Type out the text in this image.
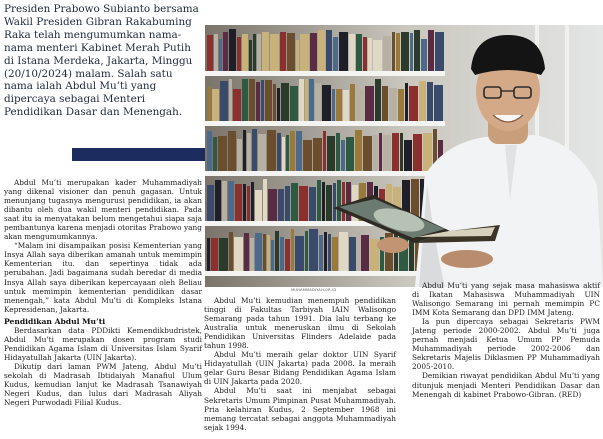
Presiden Prabowo Subianto bersama Wakil Presiden Gibran Rakabuming Raka telah mengumumkan nama-nama menteri Kabinet Merah Putih di Istana Merdeka, Jakarta, Minggu (20/10/2024) malam. Salah satu nama ialah Abdul Mu’ti yang dipercaya sebagai Menteri Pendidikan Dasar dan Menengah.

MUHAMMADIYAH.OR.ID

Abdul Mu’ti merupakan kader Muhammadiyah yang dikenal visioner dan penuh gagasan. Untuk menunjang tugasnya mengurusi pendidikan, ia akan dibantu oleh dua wakil menteri pendidikan. Pada saat itu ia menyatakan belum mengetahui siapa saja pembantunya karena menjadi otoritas Prabowo yang akan mengumumkannya.

“Malam ini disampaikan posisi Kementerian yang Insya Allah saya diberikan amanah untuk memimpin Kementerian itu. dan sepertinya tidak ada perubahan. Jadi bagaimana sudah beredar di media Insya Allah saya diberikan kepercayaan oleh Beliau untuk memimpin kementerian pendidikan dasar menengah,” kata Abdul Mu’ti di Kompleks Istana Kepresidenan, Jakarta.

Pendidikan Abdul Mu’ti

Berdasarkan data PDDikti Kemendikbudristek, Abdul Mu’ti merupakan dosen program studi Pendidikan Agama Islam di Universitas Islam Syarif Hidayatullah Jakarta (UIN Jakarta).

Dikutip dari laman PWM Jateng, Abdul Mu’ti sekolah di Madrasah Ibtidaiyah Manafiul Ulum Kudus, kemudian lanjut ke Madrasah Tsanawiyah Negeri Kudus, dan lulus dari Madrasah Aliyah Negeri Purwodadi Filial Kudus.

Abdul Mu’ti kemudian menempuh pendidikan tinggi di Fakultas Tarbiyah IAIN Walisongo Semarang pada tahun 1991. Dia lalu terbang ke Australia untuk meneruskan ilmu di Sekolah Pendidikan Universitas Flinders Adelaide pada tahun 1998.

Abdul Mu’ti meraih gelar doktor UIN Syarif Hidayatullah (UIN Jakarta) pada 2008. Ia meraih gelar Guru Besar Bidang Pendidikan Agama Islam di UIN Jakarta pada 2020.

Abdul Mu’ti saat ini menjabat sebagai Sekretaris Umum Pimpinan Pusat Muhammadiyah. Pria kelahiran Kudus, 2 September 1968 ini memang tercatat sebagai anggota Muhammadiyah sejak 1994.

Abdul Mu’ti yang sejak masa mahasiswa aktif di Ikatan Mahasiswa Muhammadiyah UIN Walisongo Semarang ini pernah memimpin PC IMM Kota Semarang dan DPD IMM Jateng.

Ia pun dipercaya sebagai Sekretaris PWM Jateng periode 2000-2002. Abdul Mu’ti juga pernah menjadi Ketua Umum PP Pemuda Muhammadiyah periode 2002-2006 dan Sekretaris Majelis Diklasmen PP Muhammadiyah 2005-2010.

Demikian riwayat pendidikan Abdul Mu’ti yang ditunjuk menjadi Menteri Pendidikan Dasar dan Menengah di kabinet Prabowo-Gibran. (RED)
